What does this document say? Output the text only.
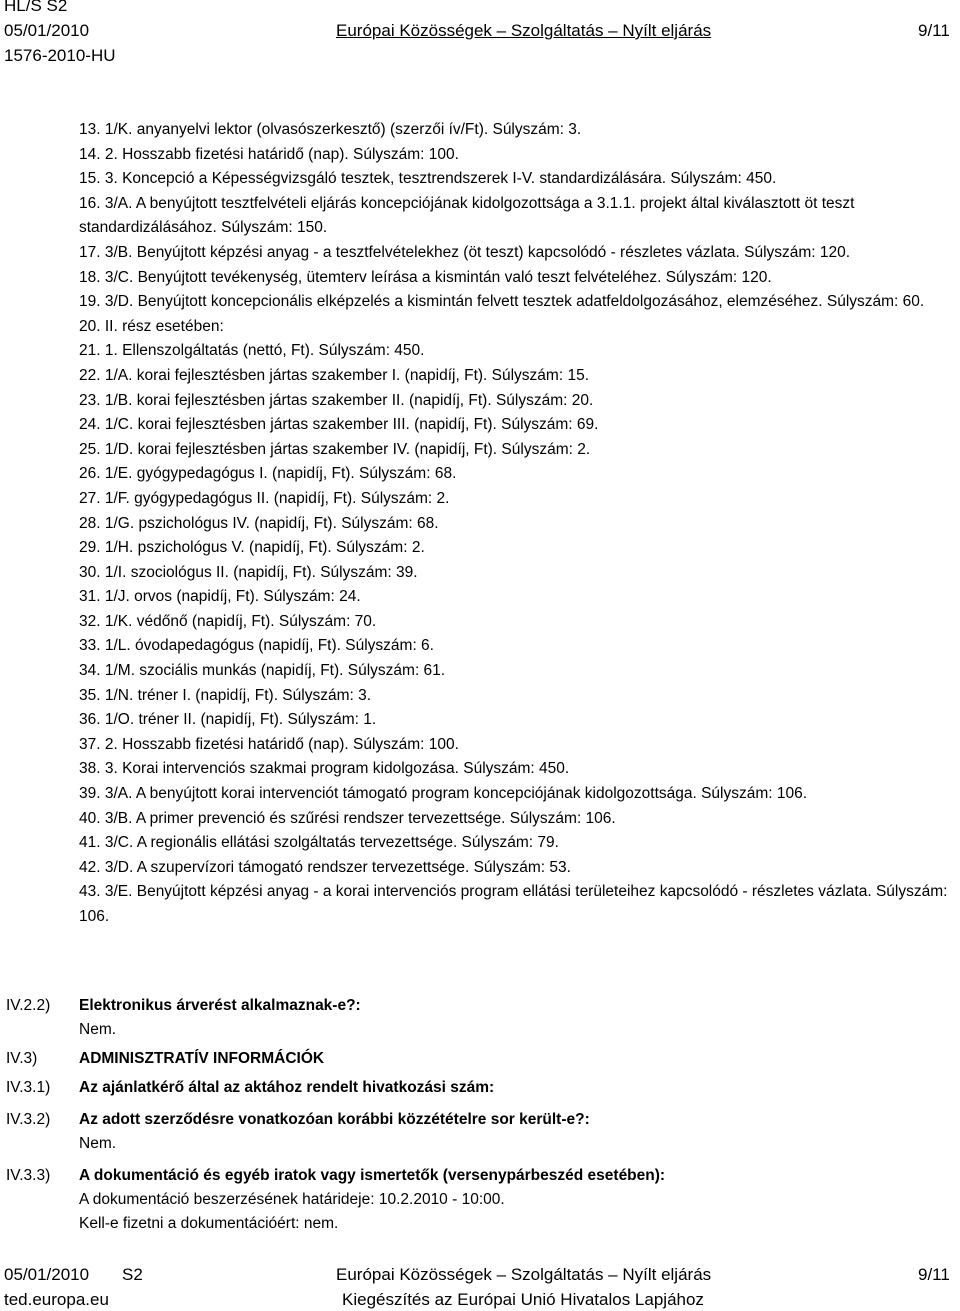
HL/S S2
05/01/2010
1576-2010-HU
Európai Közösségek – Szolgáltatás – Nyílt eljárás	9/11

13. 1/K. anyanyelvi lektor (olvasószerkesztő) (szerzői ív/Ft). Súlyszám: 3.

14. 2. Hosszabb fizetési határidő (nap). Súlyszám: 100.

15. 3. Koncepció a Képességvizsgáló tesztek, tesztrendszerek I-V. standardizálására. Súlyszám: 450.

16. 3/A. A benyújtott tesztfelvételi eljárás koncepciójának kidolgozottsága a 3.1.1. projekt által kiválasztott öt teszt standardizálásához. Súlyszám: 150.

17. 3/B. Benyújtott képzési anyag - a tesztfelvételekhez (öt teszt) kapcsolódó - részletes vázlata. Súlyszám: 120.

18. 3/C. Benyújtott tevékenység, ütemterv leírása a kismintán való teszt felvételéhez. Súlyszám: 120.

19. 3/D. Benyújtott koncepcionális elképzelés a kismintán felvett tesztek adatfeldolgozásához, elemzéséhez. Súlyszám: 60.

20. II. rész esetében:

21. 1. Ellenszolgáltatás (nettó, Ft). Súlyszám: 450.

22. 1/A. korai fejlesztésben jártas szakember I. (napidíj, Ft). Súlyszám: 15.

23. 1/B. korai fejlesztésben jártas szakember II. (napidíj, Ft). Súlyszám: 20.

24. 1/C. korai fejlesztésben jártas szakember III. (napidíj, Ft). Súlyszám: 69.

25. 1/D. korai fejlesztésben jártas szakember IV. (napidíj, Ft). Súlyszám: 2.

26. 1/E. gyógypedagógus I. (napidíj, Ft). Súlyszám: 68.

27. 1/F. gyógypedagógus II. (napidíj, Ft). Súlyszám: 2.

28. 1/G. pszichológus IV. (napidíj, Ft). Súlyszám: 68.

29. 1/H. pszichológus V. (napidíj, Ft). Súlyszám: 2.

30. 1/I. szociológus II. (napidíj, Ft). Súlyszám: 39.

31. 1/J. orvos (napidíj, Ft). Súlyszám: 24.

32. 1/K. védőnő (napidíj, Ft). Súlyszám: 70.

33. 1/L. óvodapedagógus (napidíj, Ft). Súlyszám: 6.

34. 1/M. szociális munkás (napidíj, Ft). Súlyszám: 61.

35. 1/N. tréner I. (napidíj, Ft). Súlyszám: 3.

36. 1/O. tréner II. (napidíj, Ft). Súlyszám: 1.

37. 2. Hosszabb fizetési határidő (nap). Súlyszám: 100.

38. 3. Korai intervenciós szakmai program kidolgozása. Súlyszám: 450.

39. 3/A. A benyújtott korai intervenciót támogató program koncepciójának kidolgozottsága. Súlyszám: 106.

40. 3/B. A primer prevenció és szűrési rendszer tervezettsége. Súlyszám: 106.

41. 3/C. A regionális ellátási szolgáltatás tervezettsége. Súlyszám: 79.

42. 3/D. A szupervízori támogató rendszer tervezettsége. Súlyszám: 53.

43. 3/E. Benyújtott képzési anyag - a korai intervenciós program ellátási területeihez kapcsolódó - részletes vázlata. Súlyszám: 106.

IV.2.2) Elektronikus árverést alkalmaznak-e?:

Nem.

IV.3)	ADMINISZTRATÍV INFORMÁCIÓK
IV.3.1) Az ajánlatkérő által az aktához rendelt hivatkozási szám:
IV.3.2) Az adott szerződésre vonatkozóan korábbi közzétételre sor került-e?:

Nem.

IV.3.3) A dokumentáció és egyéb iratok vagy ismertetők (versenypárbeszéd esetében):

A dokumentáció beszerzésének határideje: 10.2.2010 - 10:00.

Kell-e fizetni a dokumentációért: nem.

05/01/2010 S2
ted.europa.eu
Európai Közösségek – Szolgáltatás – Nyílt eljárás
Kiegészítés az Európai Unió Hivatalos Lapjához
9/11
